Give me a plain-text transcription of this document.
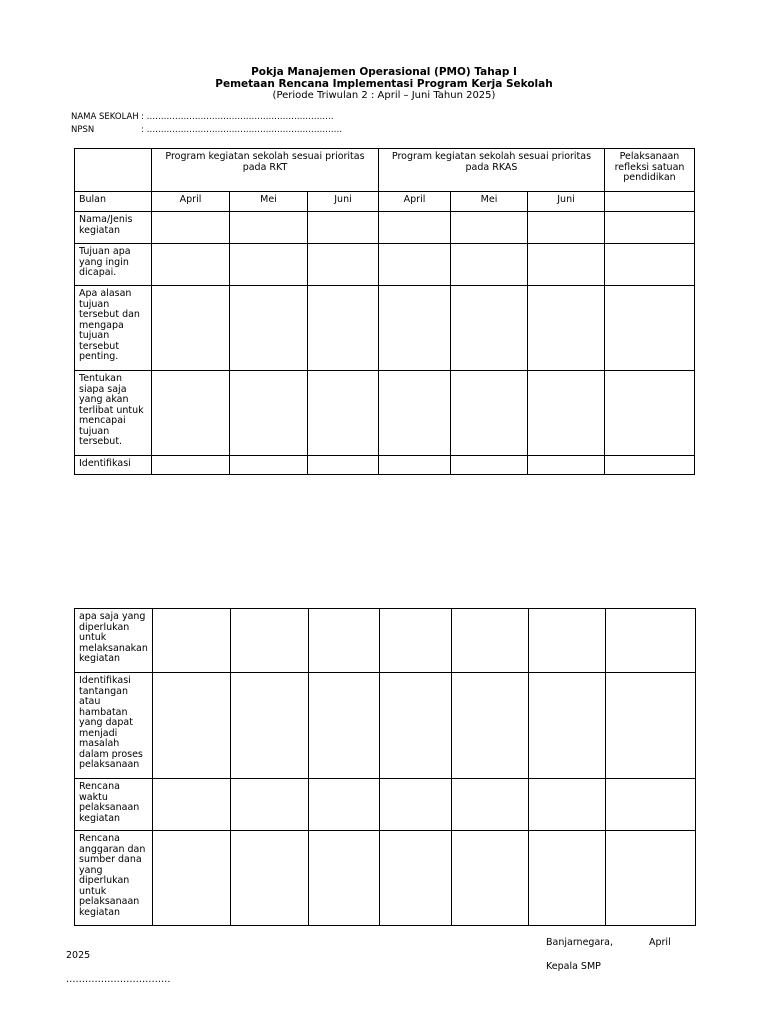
Pokja Manajemen Operasional (PMO) Tahap I
Pemetaan Rencana Implementasi Program Kerja Sekolah
(Periode Triwulan 2 : April – Juni Tahun 2025)
NAMA SEKOLAH : …………………………………………………………
NPSN	: ……………………………………………………………
	Program kegiatan sekolah sesuai prioritas pada RKT			Program kegiatan sekolah sesuai prioritas pada RKAS			Pelaksanaan refleksi satuan pendidikan
Bulan	April	Mei	Juni	April	Mei	Juni	
Nama/Jenis kegiatan							
Tujuan apa yang ingin dicapai.							
Apa alasan tujuan tersebut dan mengapa tujuan tersebut penting.							
Tentukan siapa saja yang akan terlibat untuk mencapai tujuan tersebut.							
Identifikasi							
apa saja yang diperlukan untuk melaksanakan kegiatan							
Identifikasi tantangan atau hambatan yang dapat menjadi masalah dalam proses pelaksanaan							
Rencana waktu pelaksanaan kegiatan							
Rencana anggaran dan sumber dana yang diperlukan untuk pelaksanaan kegiatan							
Banjarnegara,	April
2025
Kepala SMP
……………………………
